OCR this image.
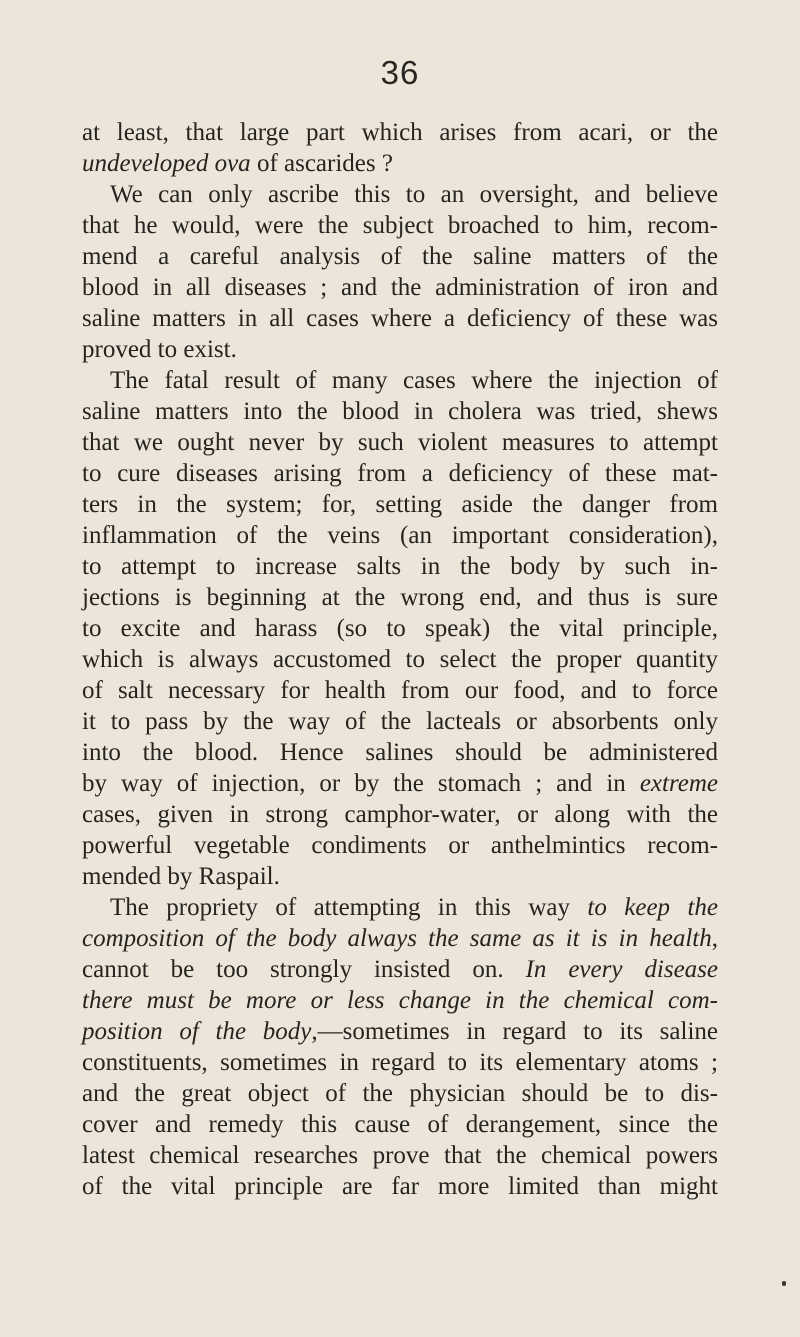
36
at least, that large part which arises from acari, or the
undeveloped ova of ascarides ?
We can only ascribe this to an oversight, and believe
that he would, were the subject broached to him, recom-
mend a careful analysis of the saline matters of the
blood in all diseases ; and the administration of iron and
saline matters in all cases where a deficiency of these was
proved to exist.
The fatal result of many cases where the injection of
saline matters into the blood in cholera was tried, shews
that we ought never by such violent measures to attempt
to cure diseases arising from a deficiency of these mat-
ters in the system; for, setting aside the danger from
inflammation of the veins (an important consideration),
to attempt to increase salts in the body by such in-
jections is beginning at the wrong end, and thus is sure
to excite and harass (so to speak) the vital principle,
which is always accustomed to select the proper quantity
of salt necessary for health from our food, and to force
it to pass by the way of the lacteals or absorbents only
into the blood. Hence salines should be administered
by way of injection, or by the stomach ; and in extreme
cases, given in strong camphor-water, or along with the
powerful vegetable condiments or anthelmintics recom-
mended by Raspail.
The propriety of attempting in this way to keep the
composition of the body always the same as it is in health,
cannot be too strongly insisted on. In every disease
there must be more or less change in the chemical com-
position of the body,—sometimes in regard to its saline
constituents, sometimes in regard to its elementary atoms ;
and the great object of the physician should be to dis-
cover and remedy this cause of derangement, since the
latest chemical researches prove that the chemical powers
of the vital principle are far more limited than might
